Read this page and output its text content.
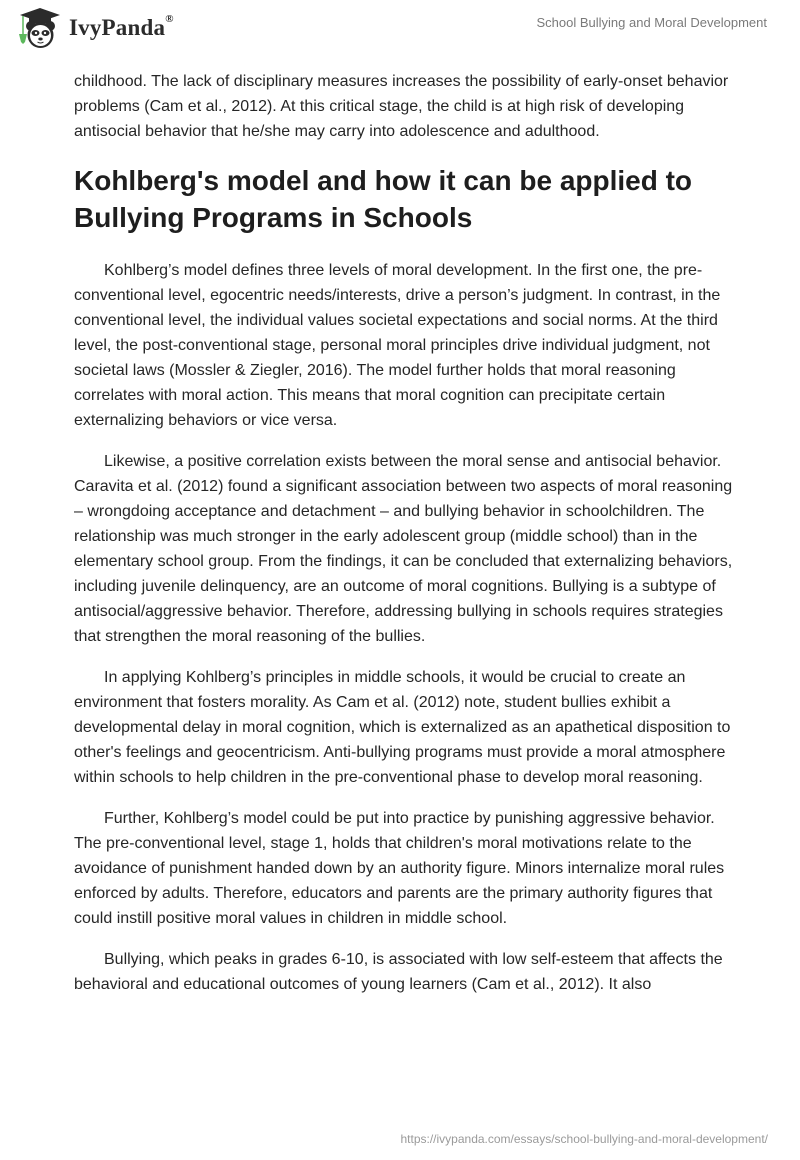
IvyPanda®	School Bullying and Moral Development

childhood. The lack of disciplinary measures increases the possibility of early-onset behavior problems (Cam et al., 2012). At this critical stage, the child is at high risk of developing antisocial behavior that he/she may carry into adolescence and adulthood.

Kohlberg's model and how it can be applied to Bullying Programs in Schools

Kohlberg’s model defines three levels of moral development. In the first one, the pre-conventional level, egocentric needs/interests, drive a person’s judgment. In contrast, in the conventional level, the individual values societal expectations and social norms. At the third level, the post-conventional stage, personal moral principles drive individual judgment, not societal laws (Mossler & Ziegler, 2016). The model further holds that moral reasoning correlates with moral action. This means that moral cognition can precipitate certain externalizing behaviors or vice versa.

Likewise, a positive correlation exists between the moral sense and antisocial behavior. Caravita et al. (2012) found a significant association between two aspects of moral reasoning – wrongdoing acceptance and detachment – and bullying behavior in schoolchildren. The relationship was much stronger in the early adolescent group (middle school) than in the elementary school group. From the findings, it can be concluded that externalizing behaviors, including juvenile delinquency, are an outcome of moral cognitions. Bullying is a subtype of antisocial/aggressive behavior. Therefore, addressing bullying in schools requires strategies that strengthen the moral reasoning of the bullies.

In applying Kohlberg’s principles in middle schools, it would be crucial to create an environment that fosters morality. As Cam et al. (2012) note, student bullies exhibit a developmental delay in moral cognition, which is externalized as an apathetical disposition to other's feelings and geocentricism. Anti-bullying programs must provide a moral atmosphere within schools to help children in the pre-conventional phase to develop moral reasoning.

Further, Kohlberg’s model could be put into practice by punishing aggressive behavior. The pre-conventional level, stage 1, holds that children's moral motivations relate to the avoidance of punishment handed down by an authority figure. Minors internalize moral rules enforced by adults. Therefore, educators and parents are the primary authority figures that could instill positive moral values in children in middle school.

Bullying, which peaks in grades 6-10, is associated with low self-esteem that affects the behavioral and educational outcomes of young learners (Cam et al., 2012). It also

https://ivypanda.com/essays/school-bullying-and-moral-development/
